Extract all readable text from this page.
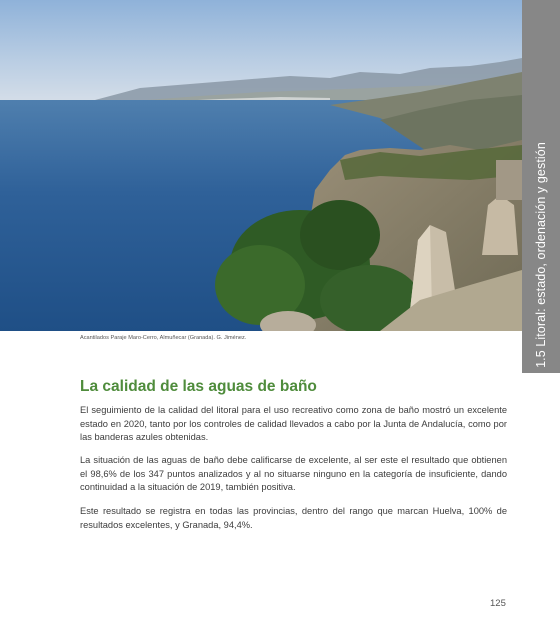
1.5 Litoral: estado, ordenación y gestión
Acantilados Paraje Maro-Cerro, Almuñecar (Granada). G. Jiménez.
La calidad de las aguas de baño

El seguimiento de la calidad del litoral para el uso recreativo como zona de baño mostró un excelente estado en 2020, tanto por los controles de calidad llevados a cabo por la Junta de Andalucía, como por las banderas azules obtenidas.

La situación de las aguas de baño debe calificarse de excelente, al ser este el resultado que obtienen el 98,6% de los 347 puntos analizados y al no situarse ninguno en la categoría de insuficiente, dando continuidad a la situación de 2019, también positiva.

Este resultado se registra en todas las provincias, dentro del rango que marcan Huelva, 100% de resultados excelentes, y Granada, 94,4%.

125
